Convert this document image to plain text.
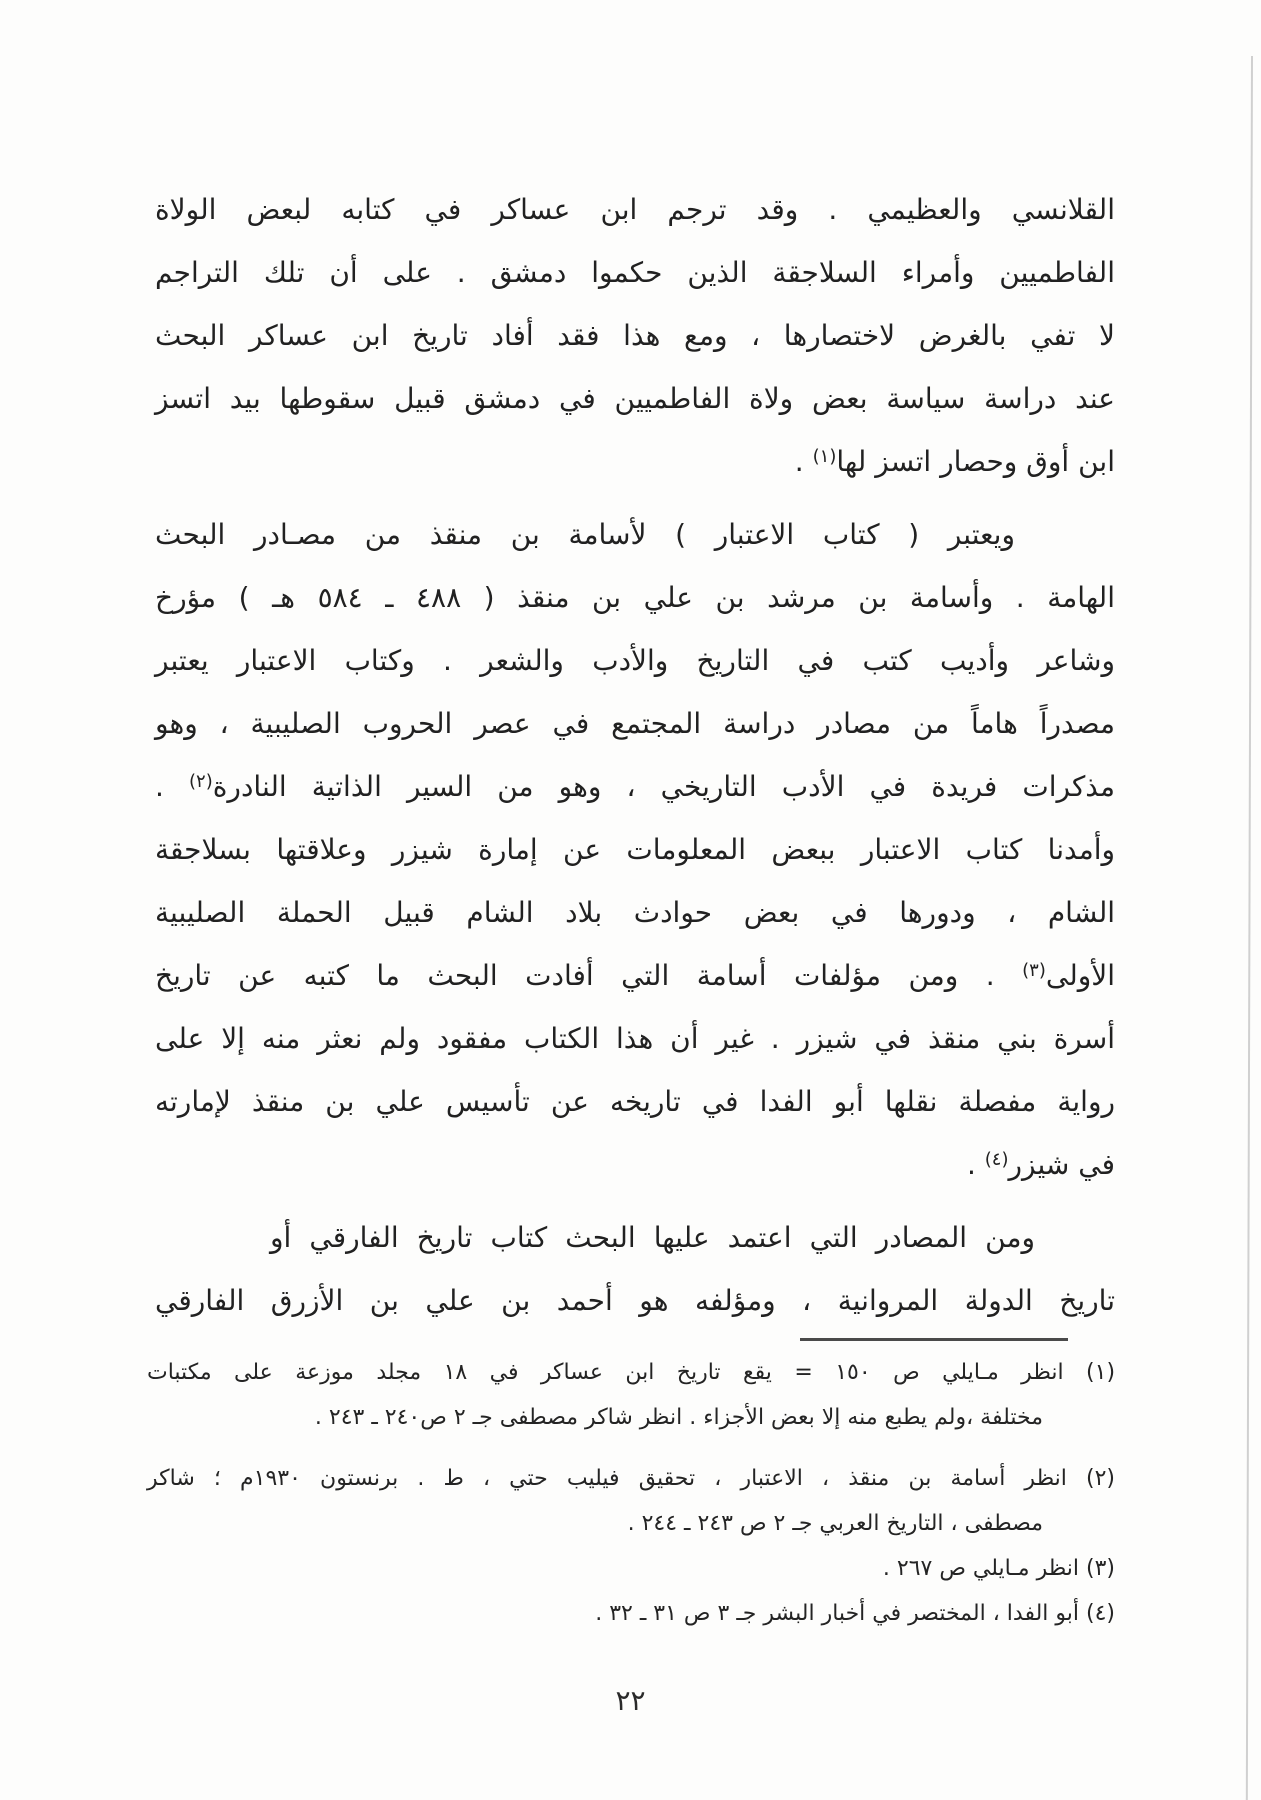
القلانسي والعظيمي . وقد ترجم ابن عساكر في كتابه لبعض الولاة
الفاطميين وأمراء السلاجقة الذين حكموا دمشق . على أن تلك التراجم
لا تفي بالغرض لاختصارها ، ومع هذا فقد أفاد تاريخ ابن عساكر البحث
عند دراسة سياسة بعض ولاة الفاطميين في دمشق قبيل سقوطها بيد اتسز
ابن أوق وحصار اتسز لها$^{(١)}$ .

ويعتبر ( كتاب الاعتبار ) لأسامة بن منقذ من مصـادر البحث
الهامة . وأسامة بن مرشد بن علي بن منقذ ( ٤٨٨ ـ ٥٨٤ هـ ) مؤرخ
وشاعر وأديب كتب في التاريخ والأدب والشعر . وكتاب الاعتبار يعتبر
مصدراً هاماً من مصادر دراسة المجتمع في عصر الحروب الصليبية ، وهو
مذكرات فريدة في الأدب التاريخي ، وهو من السير الذاتية النادرة$^{(٢)}$ .
وأمدنا كتاب الاعتبار ببعض المعلومات عن إمارة شيزر وعلاقتها بسلاجقة
الشام ، ودورها في بعض حوادث بلاد الشام قبيل الحملة الصليبية
الأولى$^{(٣)}$ . ومن مؤلفات أسامة التي أفادت البحث ما كتبه عن تاريخ
أسرة بني منقذ في شيزر . غير أن هذا الكتاب مفقود ولم نعثر منه إلا على
رواية مفصلة نقلها أبو الفدا في تاريخه عن تأسيس علي بن منقذ لإمارته
في شيزر$^{(٤)}$ .

ومن المصادر التي اعتمد عليها البحث كتاب تاريخ الفارقي أو
تاريخ الدولة المروانية ، ومؤلفه هو أحمد بن علي بن الأزرق الفارقي

(١) انظر مـايلي ص ١٥٠ = يقع تاريخ ابن عساكر في ١٨ مجلد موزعة على مكتبات
مختلفة ،ولم يطبع منه إلا بعض الأجزاء . انظر شاكر مصطفى جـ ٢ ص٢٤٠ ـ ٢٤٣ .
(٢) انظر أسامة بن منقذ ، الاعتبار ، تحقيق فيليب حتي ، ط . برنستون ١٩٣٠م ؛ شاكر
مصطفى ، التاريخ العربي جـ ٢ ص ٢٤٣ ـ ٢٤٤ .
(٣) انظر مـايلي ص ٢٦٧ .
(٤) أبو الفدا ، المختصر في أخبار البشر جـ ٣ ص ٣١ ـ ٣٢ .
٢٢
